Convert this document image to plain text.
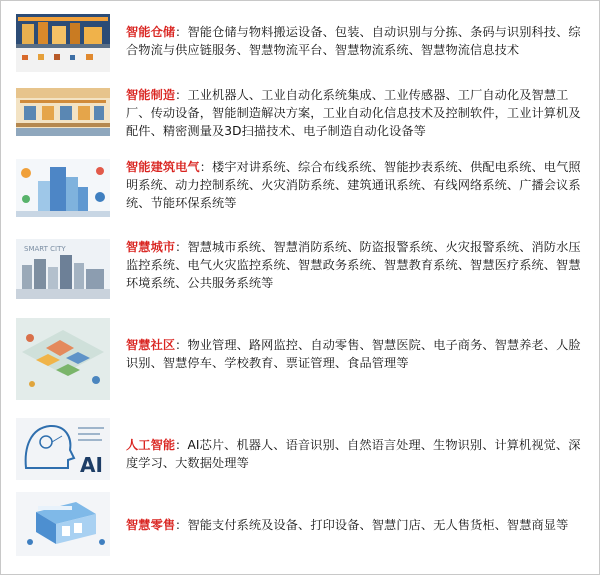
智能仓储：智能仓储与物料搬运设备、包装、自动识别与分拣、条码与识别科技、综合物流与供应链服务、智慧物流平台、智慧物流系统、智慧物流信息技术
智能制造：工业机器人、工业自动化系统集成、工业传感器、工厂自动化及智慧工厂、传动设备，智能制造解决方案，工业自动化信息技术及控制软件，工业计算机及配件、精密测量及3D扫描技术、电子制造自动化设备等
智能建筑电气：楼宇对讲系统、综合布线系统、智能抄表系统、供配电系统、电气照明系统、动力控制系统、火灾消防系统、建筑通讯系统、有线网络系统、广播会议系统、节能环保系统等
SMART CITY	智慧城市：智慧城市系统、智慧消防系统、防盗报警系统、火灾报警系统、消防水压监控系统、电气火灾监控系统、智慧政务系统、智慧教育系统、智慧医疗系统、智慧环境系统、公共服务系统等
智慧社区：物业管理、路网监控、自动零售、智慧医院、电子商务、智慧养老、人脸识别、智慧停车、学校教育、票证管理、食品管理等
AI
人工智能：AI芯片、机器人、语音识别、自然语言处理、生物识别、计算机视觉、深度学习、大数据处理等
智慧零售：智能支付系统及设备、打印设备、智慧门店、无人售货柜、智慧商显等
